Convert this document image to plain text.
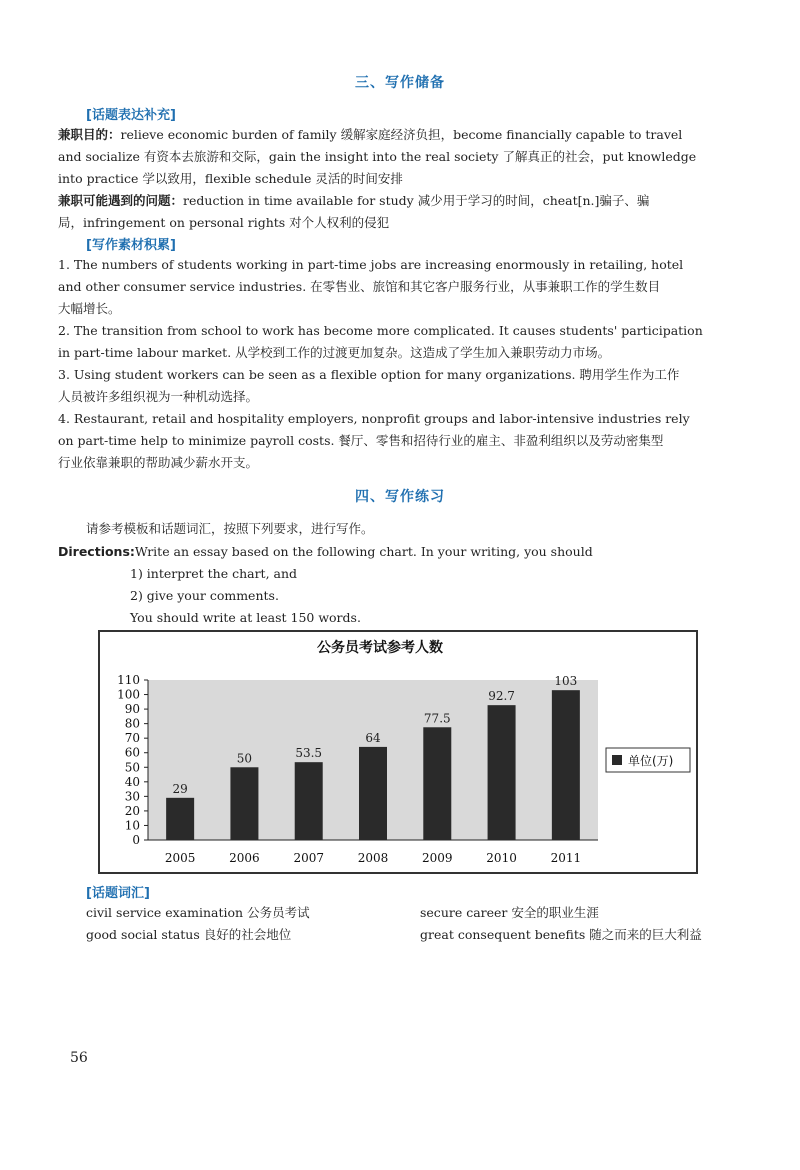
三、写作储备
[话题表达补充]
兼职目的：relieve economic burden of family 缓解家庭经济负担，become financially capable to travel
and socialize 有资本去旅游和交际，gain the insight into the real society 了解真正的社会，put knowledge
into practice 学以致用，flexible schedule 灵活的时间安排
兼职可能遇到的问题：reduction in time available for study 减少用于学习的时间，cheat[n.]骗子、骗
局，infringement on personal rights 对个人权利的侵犯
[写作素材积累]
1. The numbers of students working in part-time jobs are increasing enormously in retailing, hotel
and other consumer service industries. 在零售业、旅馆和其它客户服务行业，从事兼职工作的学生数目
大幅增长。
2. The transition from school to work has become more complicated. It causes students' participation
in part-time labour market. 从学校到工作的过渡更加复杂。这造成了学生加入兼职劳动力市场。
3. Using student workers can be seen as a flexible option for many organizations. 聘用学生作为工作
人员被许多组织视为一种机动选择。
4. Restaurant, retail and hospitality employers, nonprofit groups and labor-intensive industries rely
on part-time help to minimize payroll costs. 餐厅、零售和招待行业的雇主、非盈利组织以及劳动密集型
行业依靠兼职的帮助减少薪水开支。
四、写作练习
请参考模板和话题词汇，按照下列要求，进行写作。
Directions:Write an essay based on the following chart. In your writing, you should
1) interpret the chart, and
2) give your comments.
You should write at least 150 words.
公务员考试参考人数
0
10
20
30
40
50
60
70
80
90
100
110
29
2005
50
2006
53.5
2007
64
2008
77.5
2009
92.7
2010
103
2011
单位(万)
[话题词汇]
civil service examination 公务员考试	secure career 安全的职业生涯
good social status 良好的社会地位	great consequent benefits 随之而来的巨大利益
56
